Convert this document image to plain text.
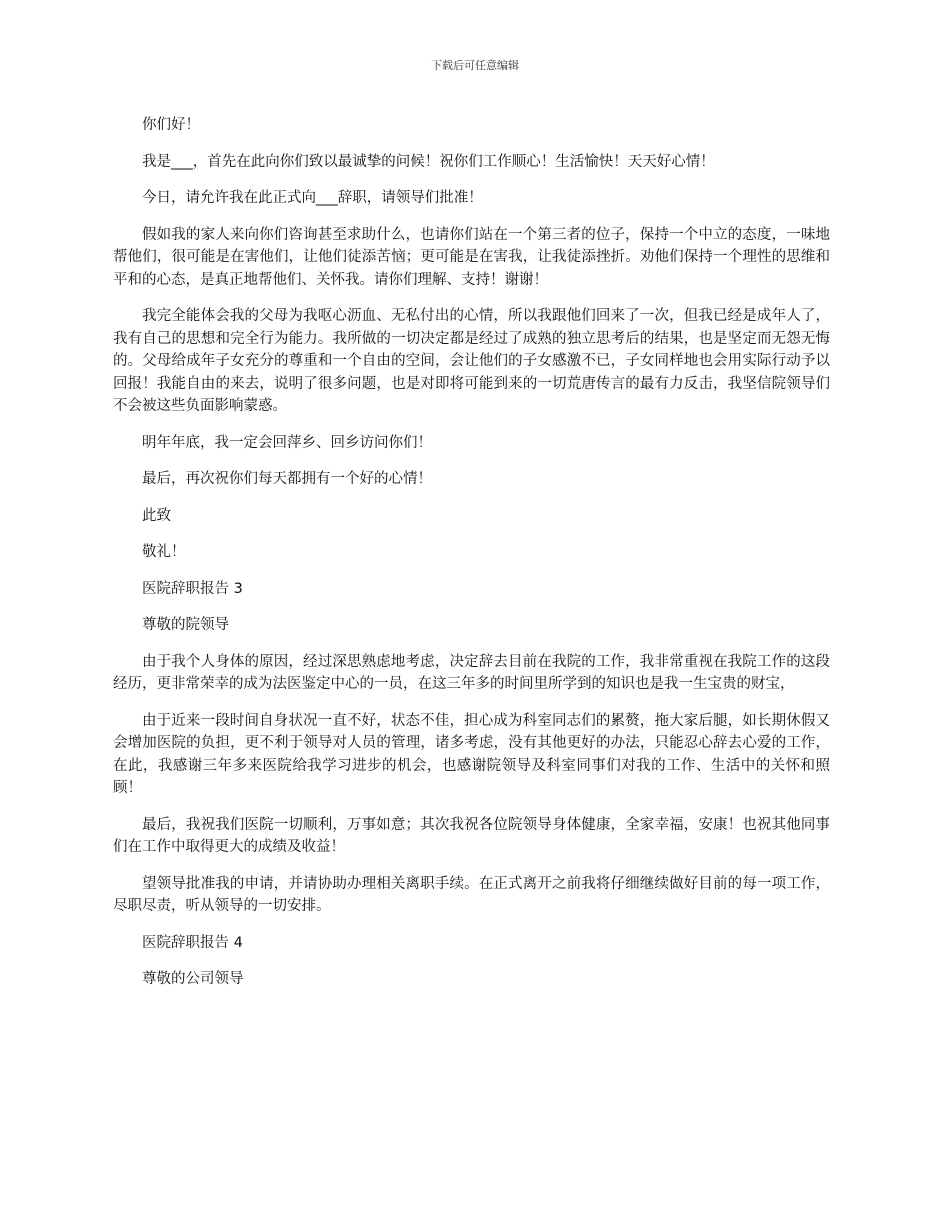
下载后可任意编辑

你们好！

我是___，首先在此向你们致以最诚挚的问候！祝你们工作顺心！生活愉快！天天好心情！

今日，请允许我在此正式向___辞职，请领导们批准！

假如我的家人来向你们咨询甚至求助什么，也请你们站在一个第三者的位子，保持一个中立的态度，一味地帮他们，很可能是在害他们，让他们徒添苦恼；更可能是在害我，让我徒添挫折。劝他们保持一个理性的思维和平和的心态，是真正地帮他们、关怀我。请你们理解、支持！谢谢！

我完全能体会我的父母为我呕心沥血、无私付出的心情，所以我跟他们回来了一次，但我已经是成年人了，我有自己的思想和完全行为能力。我所做的一切决定都是经过了成熟的独立思考后的结果，也是坚定而无怨无悔的。父母给成年子女充分的尊重和一个自由的空间，会让他们的子女感激不已，子女同样地也会用实际行动予以回报！我能自由的来去，说明了很多问题，也是对即将可能到来的一切荒唐传言的最有力反击，我坚信院领导们不会被这些负面影响蒙惑。

明年年底，我一定会回萍乡、回乡访问你们！

最后，再次祝你们每天都拥有一个好的心情！

此致

敬礼！

医院辞职报告 3

尊敬的院领导

由于我个人身体的原因，经过深思熟虑地考虑，决定辞去目前在我院的工作，我非常重视在我院工作的这段经历，更非常荣幸的成为法医鉴定中心的一员，在这三年多的时间里所学到的知识也是我一生宝贵的财宝，

由于近来一段时间自身状况一直不好，状态不佳，担心成为科室同志们的累赘，拖大家后腿，如长期休假又会增加医院的负担，更不利于领导对人员的管理，诸多考虑，没有其他更好的办法，只能忍心辞去心爱的工作，在此，我感谢三年多来医院给我学习进步的机会，也感谢院领导及科室同事们对我的工作、生活中的关怀和照顾！

最后，我祝我们医院一切顺利，万事如意；其次我祝各位院领导身体健康，全家幸福，安康！也祝其他同事们在工作中取得更大的成绩及收益！

望领导批准我的申请，并请协助办理相关离职手续。在正式离开之前我将仔细继续做好目前的每一项工作，尽职尽责，听从领导的一切安排。

医院辞职报告 4

尊敬的公司领导
